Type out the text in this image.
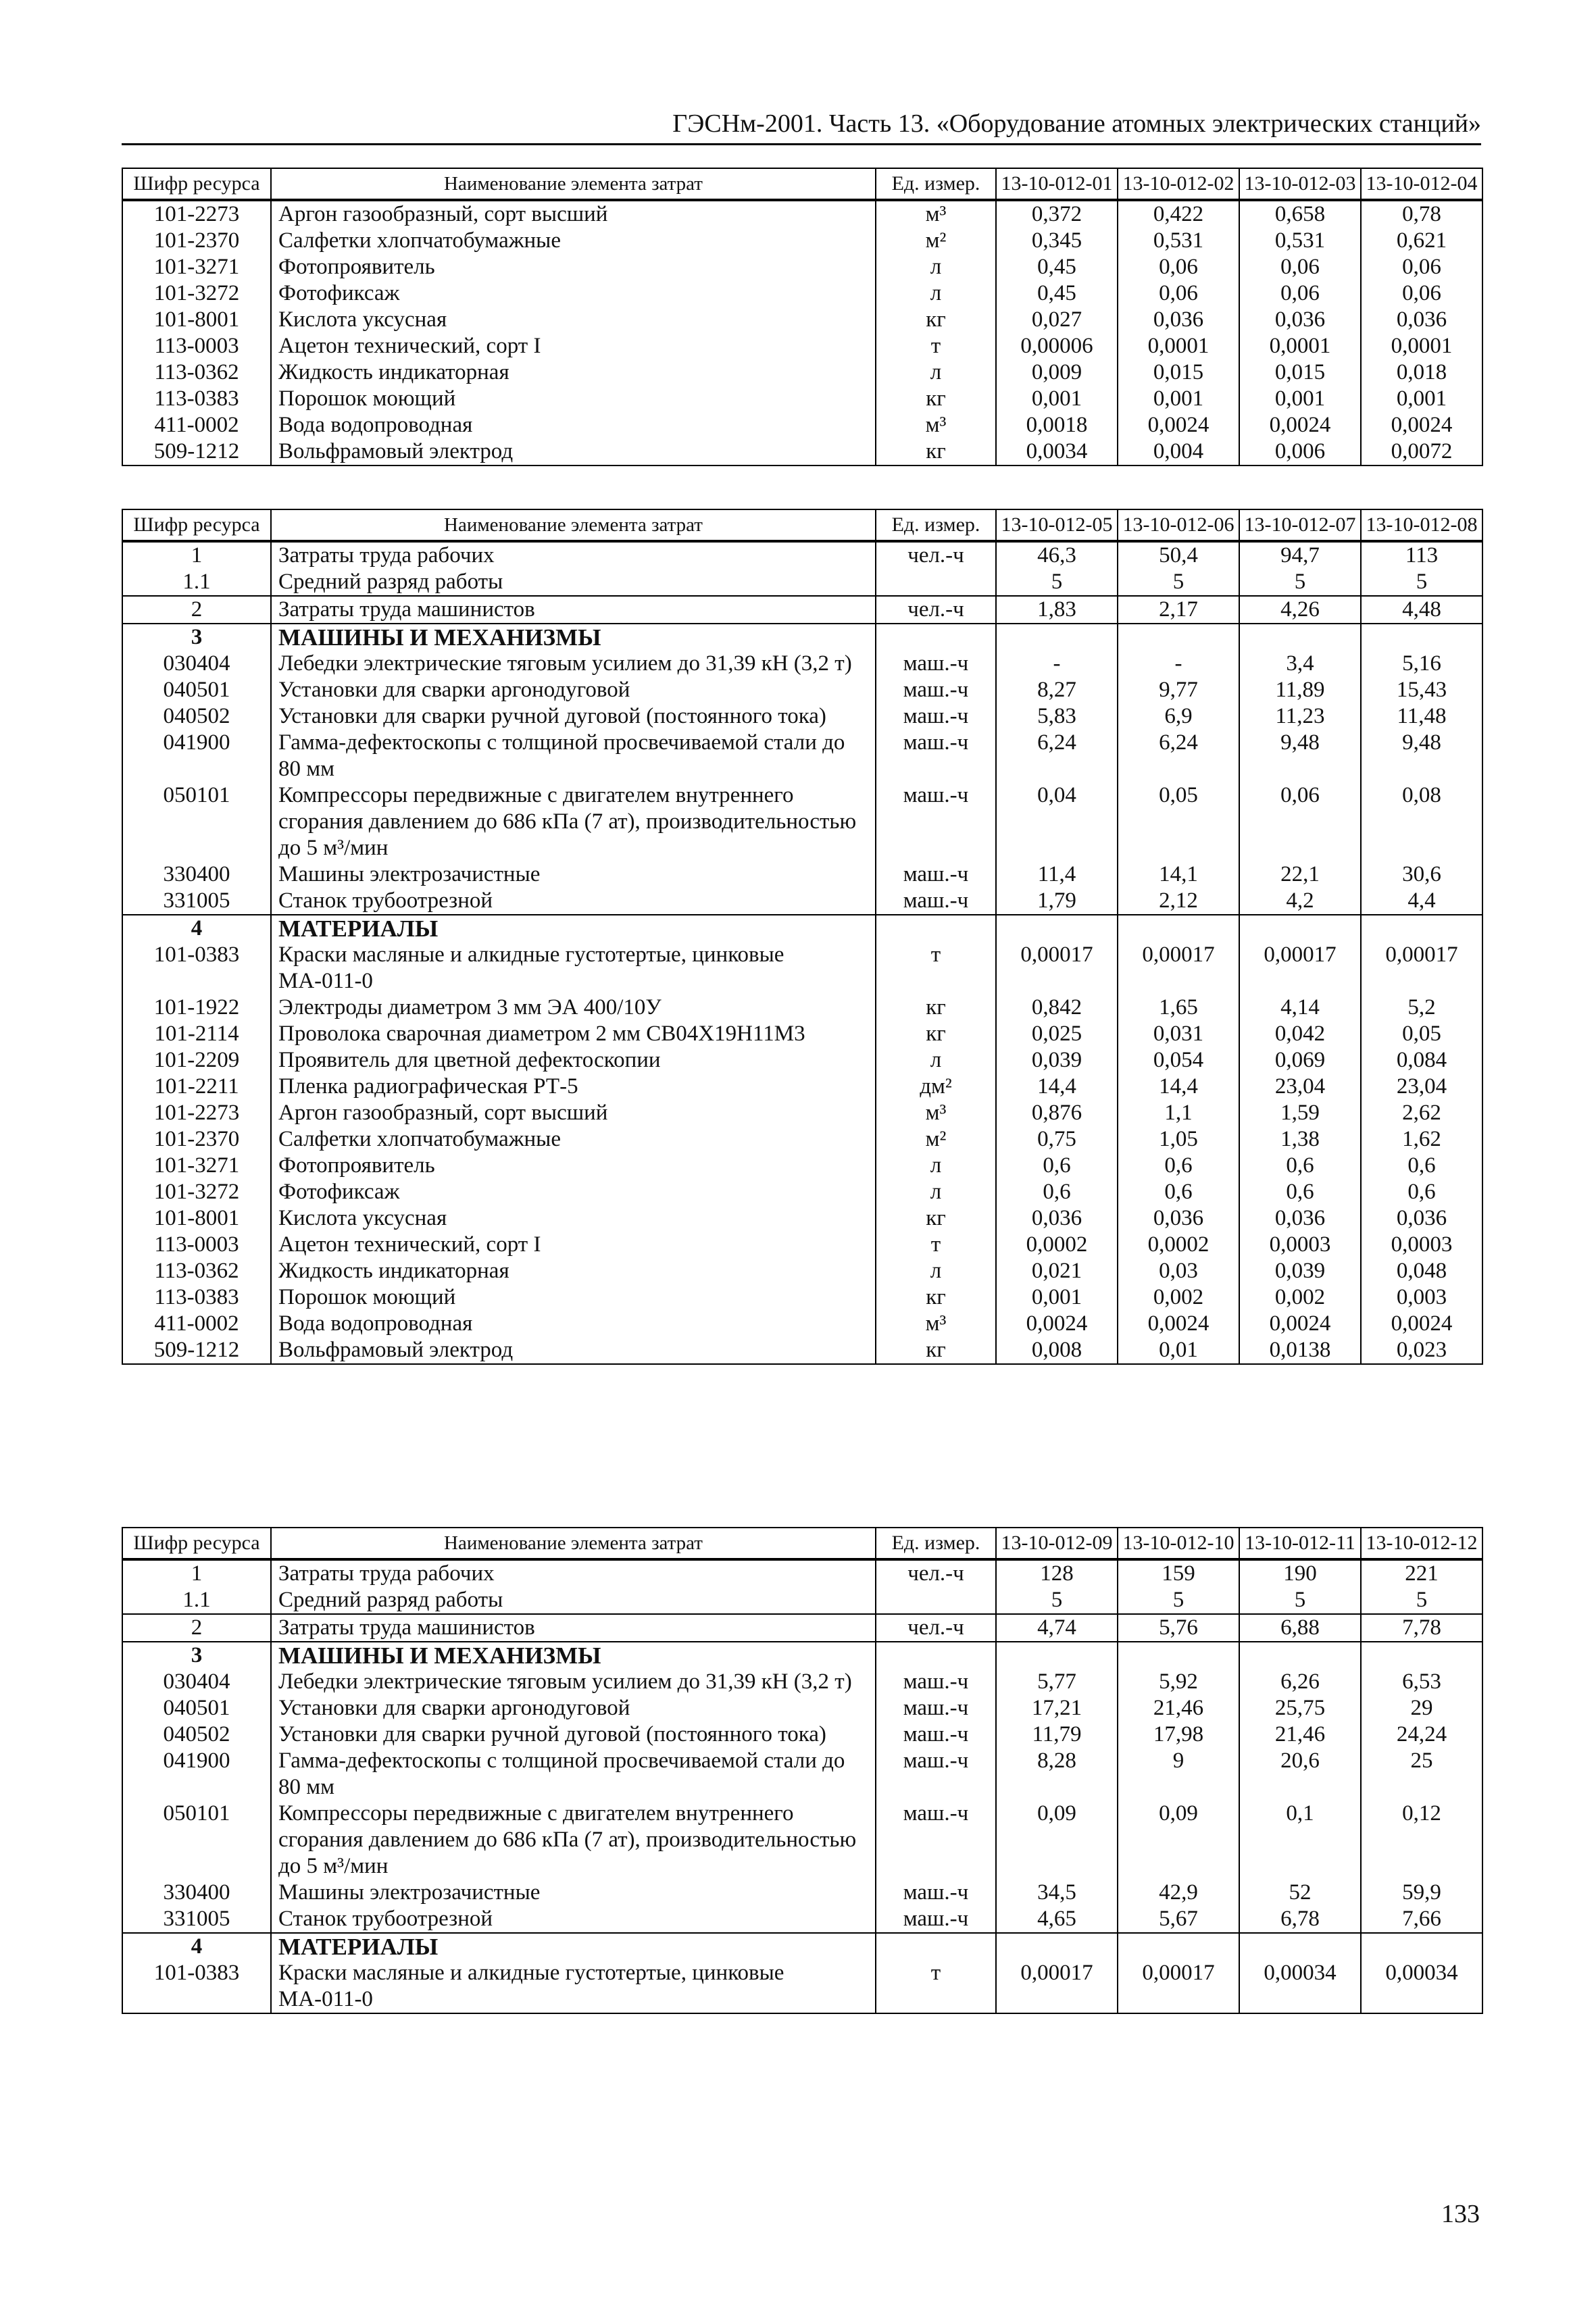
ГЭСНм-2001. Часть 13. «Оборудование атомных электрических станций»
Шифр ресурса	Наименование элемента затрат	Ед. измер.	13-10-012-01	13-10-012-02	13-10-012-03	13-10-012-04
101-2273	Аргон газообразный, сорт высший	м³	0,372	0,422	0,658	0,78
101-2370	Салфетки хлопчатобумажные	м²	0,345	0,531	0,531	0,621
101-3271	Фотопроявитель	л	0,45	0,06	0,06	0,06
101-3272	Фотофиксаж	л	0,45	0,06	0,06	0,06
101-8001	Кислота уксусная	кг	0,027	0,036	0,036	0,036
113-0003	Ацетон технический, сорт I	т	0,00006	0,0001	0,0001	0,0001
113-0362	Жидкость индикаторная	л	0,009	0,015	0,015	0,018
113-0383	Порошок моющий	кг	0,001	0,001	0,001	0,001
411-0002	Вода водопроводная	м³	0,0018	0,0024	0,0024	0,0024
509-1212	Вольфрамовый электрод	кг	0,0034	0,004	0,006	0,0072
Шифр ресурса	Наименование элемента затрат	Ед. измер.	13-10-012-05	13-10-012-06	13-10-012-07	13-10-012-08
1	Затраты труда рабочих	чел.-ч	46,3	50,4	94,7	113
1.1	Средний разряд работы		5	5	5	5
2	Затраты труда машинистов	чел.-ч	1,83	2,17	4,26	4,48
3	МАШИНЫ И МЕХАНИЗМЫ					
030404	Лебедки электрические тяговым усилием до 31,39 кН (3,2 т)	маш.-ч	-	-	3,4	5,16
040501	Установки для сварки аргонодуговой	маш.-ч	8,27	9,77	11,89	15,43
040502	Установки для сварки ручной дуговой (постоянного тока)	маш.-ч	5,83	6,9	11,23	11,48
041900	Гамма-дефектоскопы с толщиной просвечиваемой стали до 80 мм	маш.-ч	6,24	6,24	9,48	9,48
050101	Компрессоры передвижные с двигателем внутреннего сгорания давлением до 686 кПа (7 ат), производительностью до 5 м³/мин	маш.-ч	0,04	0,05	0,06	0,08
330400	Машины электрозачистные	маш.-ч	11,4	14,1	22,1	30,6
331005	Станок трубоотрезной	маш.-ч	1,79	2,12	4,2	4,4
4	МАТЕРИАЛЫ					
101-0383	Краски масляные и алкидные густотертые, цинковые МА-011-0	т	0,00017	0,00017	0,00017	0,00017
101-1922	Электроды диаметром 3 мм ЭА 400/10У	кг	0,842	1,65	4,14	5,2
101-2114	Проволока сварочная диаметром 2 мм СВ04Х19Н11М3	кг	0,025	0,031	0,042	0,05
101-2209	Проявитель для цветной дефектоскопии	л	0,039	0,054	0,069	0,084
101-2211	Пленка радиографическая РТ-5	дм²	14,4	14,4	23,04	23,04
101-2273	Аргон газообразный, сорт высший	м³	0,876	1,1	1,59	2,62
101-2370	Салфетки хлопчатобумажные	м²	0,75	1,05	1,38	1,62
101-3271	Фотопроявитель	л	0,6	0,6	0,6	0,6
101-3272	Фотофиксаж	л	0,6	0,6	0,6	0,6
101-8001	Кислота уксусная	кг	0,036	0,036	0,036	0,036
113-0003	Ацетон технический, сорт I	т	0,0002	0,0002	0,0003	0,0003
113-0362	Жидкость индикаторная	л	0,021	0,03	0,039	0,048
113-0383	Порошок моющий	кг	0,001	0,002	0,002	0,003
411-0002	Вода водопроводная	м³	0,0024	0,0024	0,0024	0,0024
509-1212	Вольфрамовый электрод	кг	0,008	0,01	0,0138	0,023
Шифр ресурса	Наименование элемента затрат	Ед. измер.	13-10-012-09	13-10-012-10	13-10-012-11	13-10-012-12
1	Затраты труда рабочих	чел.-ч	128	159	190	221
1.1	Средний разряд работы		5	5	5	5
2	Затраты труда машинистов	чел.-ч	4,74	5,76	6,88	7,78
3	МАШИНЫ И МЕХАНИЗМЫ					
030404	Лебедки электрические тяговым усилием до 31,39 кН (3,2 т)	маш.-ч	5,77	5,92	6,26	6,53
040501	Установки для сварки аргонодуговой	маш.-ч	17,21	21,46	25,75	29
040502	Установки для сварки ручной дуговой (постоянного тока)	маш.-ч	11,79	17,98	21,46	24,24
041900	Гамма-дефектоскопы с толщиной просвечиваемой стали до 80 мм	маш.-ч	8,28	9	20,6	25
050101	Компрессоры передвижные с двигателем внутреннего сгорания давлением до 686 кПа (7 ат), производительностью до 5 м³/мин	маш.-ч	0,09	0,09	0,1	0,12
330400	Машины электрозачистные	маш.-ч	34,5	42,9	52	59,9
331005	Станок трубоотрезной	маш.-ч	4,65	5,67	6,78	7,66
4	МАТЕРИАЛЫ					
101-0383	Краски масляные и алкидные густотертые, цинковые МА-011-0	т	0,00017	0,00017	0,00034	0,00034
133
